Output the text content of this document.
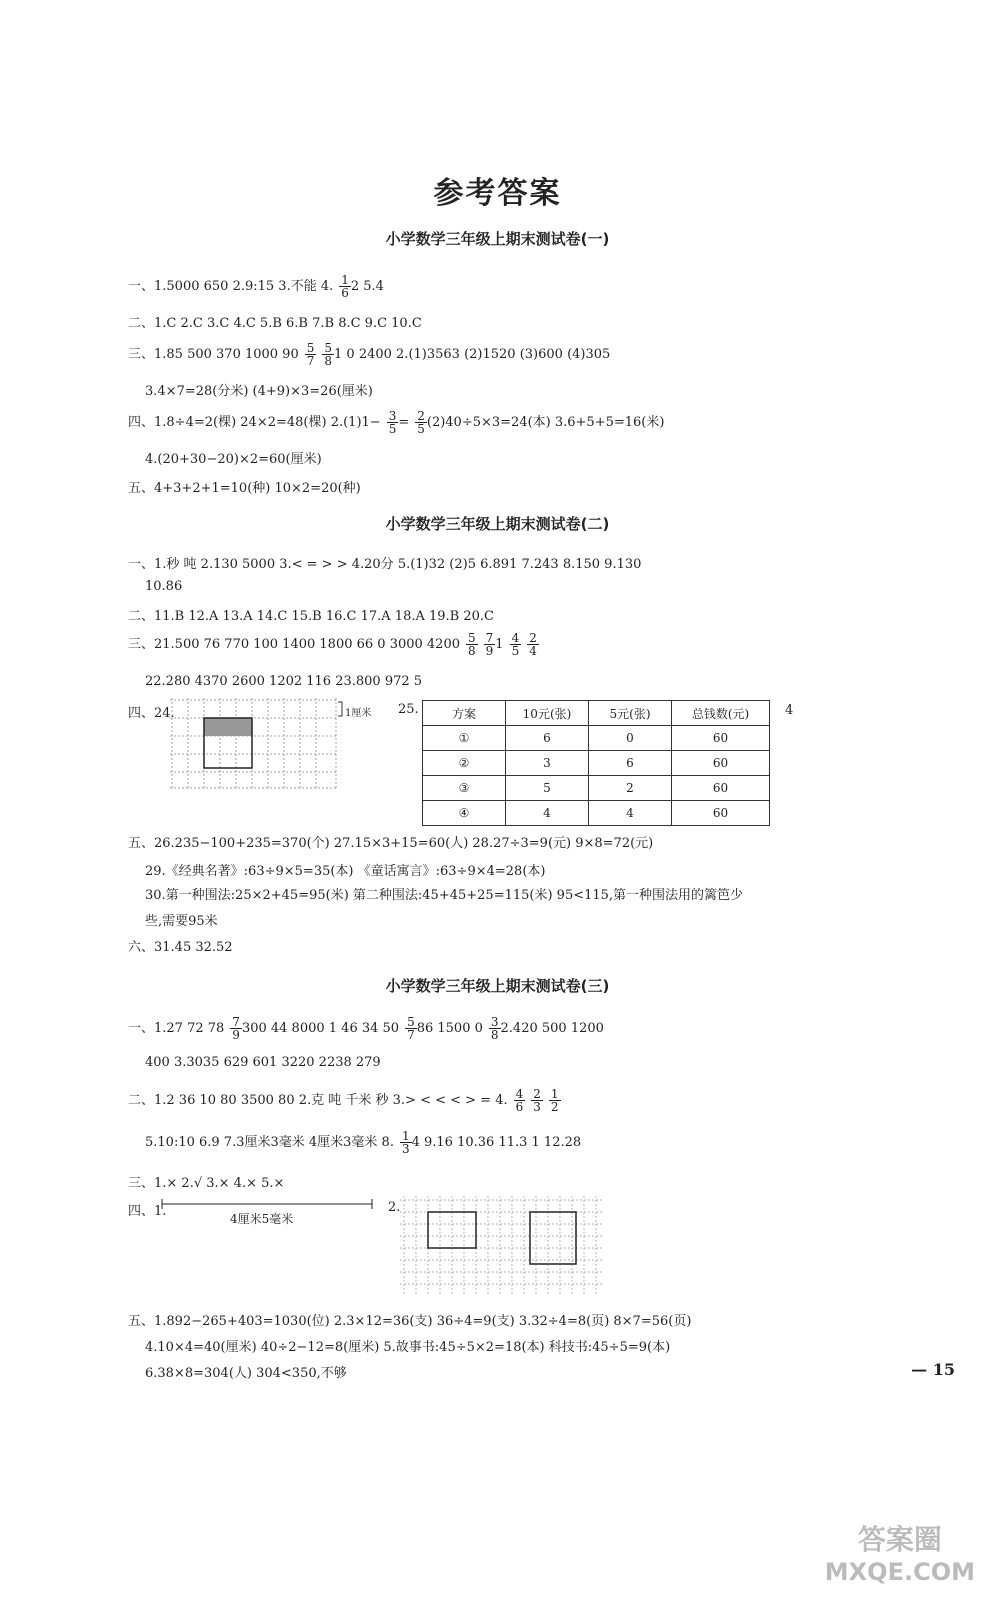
参考答案
小学数学三年级上期末测试卷(一)
一、1.5000 650 2.9:15 3.不能 4. $\frac{1}{6} 2$ 5.4
二、1.C 2.C 3.C 4.C 5.B 6.B 7.B 8.C 9.C 10.C
三、1.85 500 370 1000 $90 \frac{5}{7} \frac{5}{8} 1$ 0 2400 2.(1)3563 (2)1520 (3)600 (4)305
3.4×7=28(分米) (4+9)×3=26(厘米)
四、1.8÷4=2(棵) 24×2=48(棵) $2.(1)1- \frac{3}{5} = \frac{2}{5} (2)40\div 5\times 3=24$(本) 3.6+5+5=16(米)
4.(20+30−20)×2=60(厘米)
五、4+3+2+1=10(种) 10×2=20(种)
小学数学三年级上期末测试卷(二)
一、1.秒 吨 2.130 5000 3.< = > > 4.20分 5.(1)32 (2)5 6.891 7.243 8.150 9.130
10.86
二、11.B 12.A 13.A 14.C 15.B 16.C 17.A 18.A 19.B 20.C
三、21.500 76 770 100 1400 1800 66 0 3000 $4200 \frac{5}{8} \frac{7}{9} 1 \frac{4}{5} \frac{2}{4}$
22.280 4370 2600 1202 116 23.800 972 5
四、24.	1厘米 25.	方案	10元(张)	5元(张)	总钱数(元)
①	6	0	60
②	3	6	60
③	5	2	60
④	4	4	60
4
五、26.235−100+235=370(个) 27.15×3+15=60(人) 28.27÷3=9(元) 9×8=72(元)
29.《经典名著》:63÷9×5=35(本) 《童话寓言》:63÷9×4=28(本)
30.第一种围法:25×2+45=95(米) 第二种围法:45+45+25=115(米) 95<115,第一种围法用的篱笆少
些,需要95米
六、31.45 32.52
小学数学三年级上期末测试卷(三)
一、1.27 72 $78 \frac{7}{9} 300$ 44 8000 1 46 34 $50 \frac{5}{7} 86$ 1500 $0 \frac{3}{8} 2.420$ 500 1200
400 3.3035 629 601 3220 2238 279
二、1.2 36 10 80 3500 80 2.克 吨 千米 秒 3.> < < < > = 4. $\frac{4}{6} \frac{2}{3} \frac{1}{2}$
5.10:10 6.9 7.3厘米3毫米 4厘米3毫米 8. $\frac{1}{3} 4$ 9.16 10.36 11.3 1 12.28
三、1.× 2.√ 3.× 4.× 5.×
四、1.	4厘米5毫米
2.
五、1.892−265+403=1030(位) 2.3×12=36(支) 36÷4=9(支) 3.32÷4=8(页) 8×7=56(页)
4.10×4=40(厘米) 40÷2−12=8(厘米) 5.故事书:45÷5×2=18(本) 科技书:45÷5=9(本)
6.38×8=304(人) 304<350,不够	— 15
答案圈
MXQE.COM
